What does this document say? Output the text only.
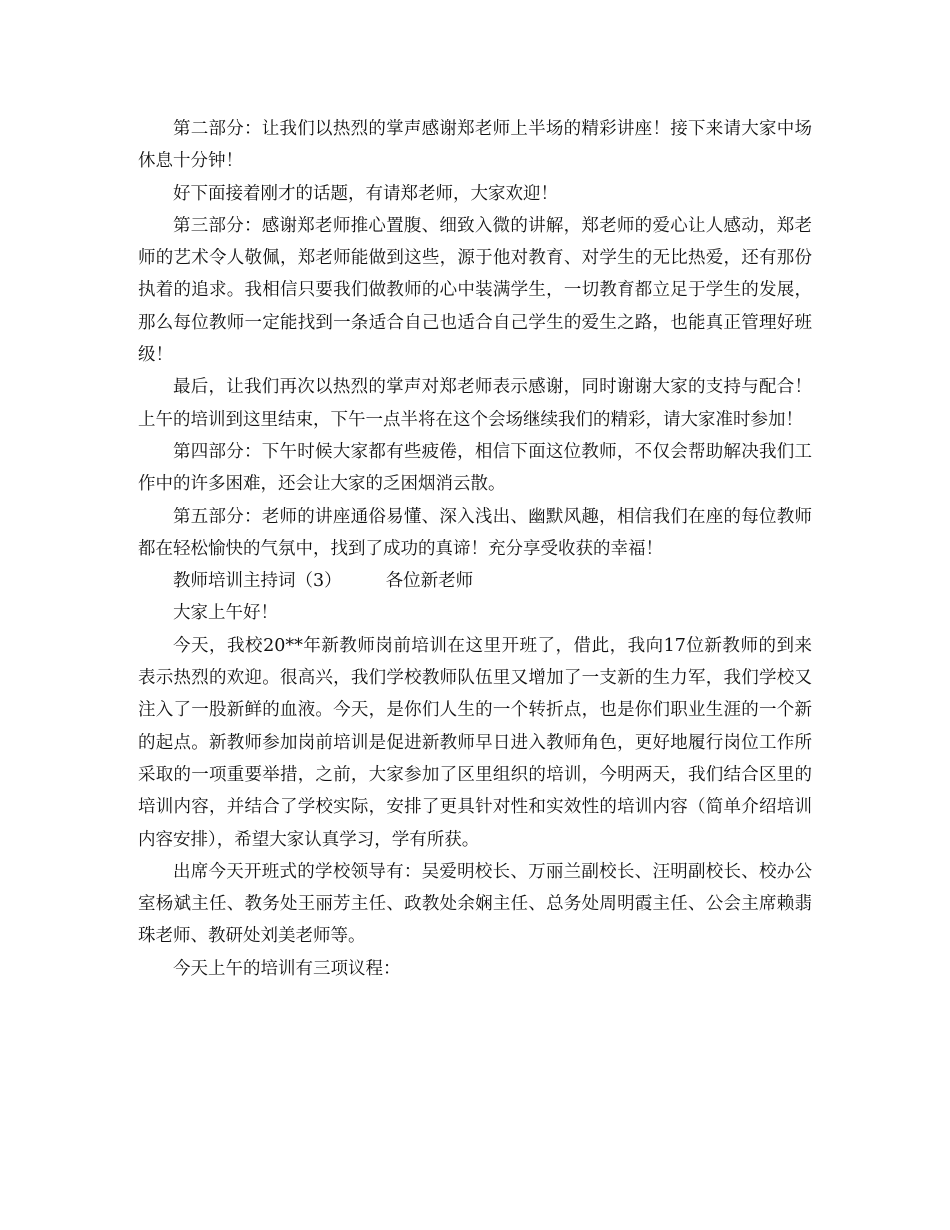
第二部分：让我们以热烈的掌声感谢郑老师上半场的精彩讲座！接下来请大家中场休息十分钟！

好下面接着刚才的话题，有请郑老师，大家欢迎！

第三部分：感谢郑老师推心置腹、细致入微的讲解，郑老师的爱心让人感动，郑老师的艺术令人敬佩，郑老师能做到这些，源于他对教育、对学生的无比热爱，还有那份执着的追求。我相信只要我们做教师的心中装满学生，一切教育都立足于学生的发展，那么每位教师一定能找到一条适合自己也适合自己学生的爱生之路，也能真正管理好班级！

最后，让我们再次以热烈的掌声对郑老师表示感谢，同时谢谢大家的支持与配合！上午的培训到这里结束，下午一点半将在这个会场继续我们的精彩，请大家准时参加！

第四部分：下午时候大家都有些疲倦，相信下面这位教师，不仅会帮助解决我们工作中的许多困难，还会让大家的乏困烟消云散。

第五部分：老师的讲座通俗易懂、深入浅出、幽默风趣，相信我们在座的每位教师都在轻松愉快的气氛中，找到了成功的真谛！充分享受收获的幸福！

教师培训主持词（3）	各位新老师

大家上午好！

今天，我校20**年新教师岗前培训在这里开班了，借此，我向17位新教师的到来表示热烈的欢迎。很高兴，我们学校教师队伍里又增加了一支新的生力军，我们学校又注入了一股新鲜的血液。今天，是你们人生的一个转折点，也是你们职业生涯的一个新的起点。新教师参加岗前培训是促进新教师早日进入教师角色，更好地履行岗位工作所采取的一项重要举措，之前，大家参加了区里组织的培训，今明两天，我们结合区里的培训内容，并结合了学校实际，安排了更具针对性和实效性的培训内容（简单介绍培训内容安排），希望大家认真学习，学有所获。

出席今天开班式的学校领导有：吴爱明校长、万丽兰副校长、汪明副校长、校办公室杨斌主任、教务处王丽芳主任、政教处余娴主任、总务处周明霞主任、公会主席赖翡珠老师、教研处刘美老师等。

今天上午的培训有三项议程：
